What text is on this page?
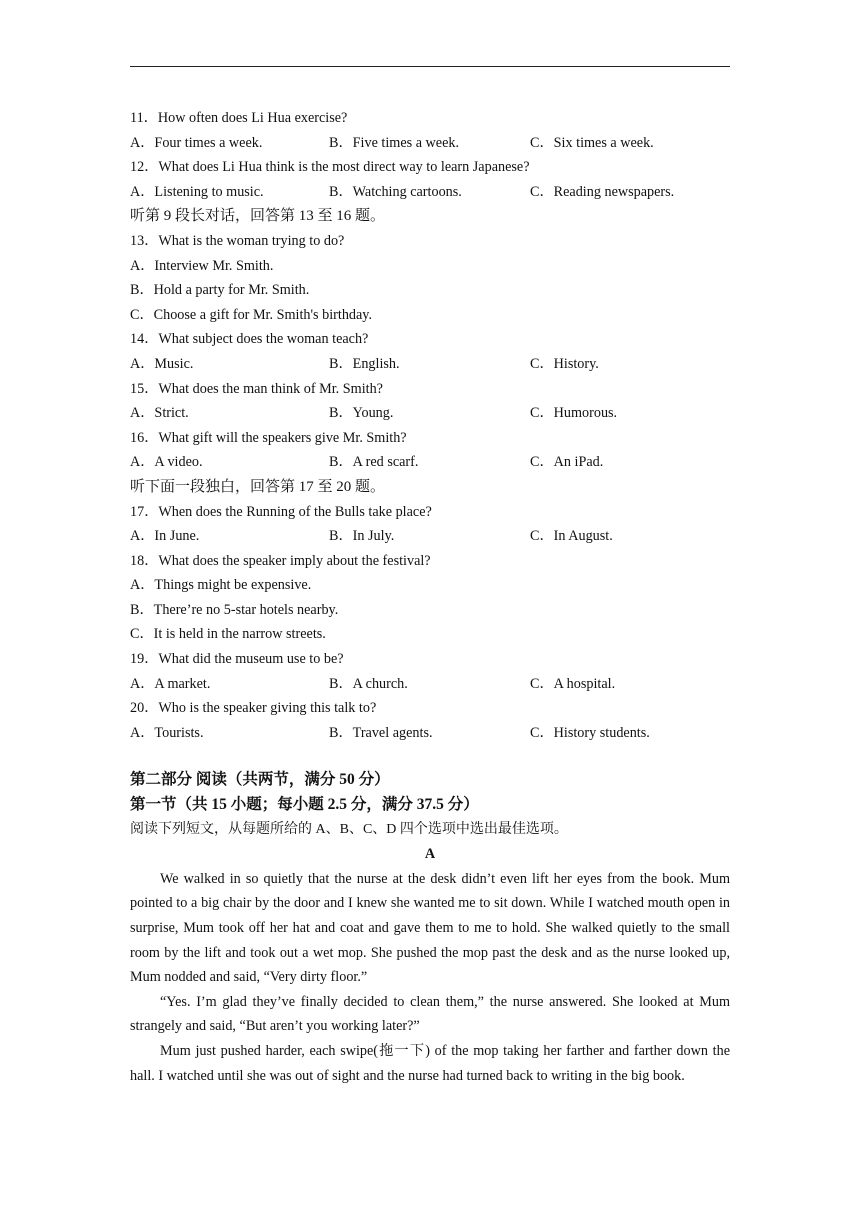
11．How often does Li Hua exercise?
A．Four times a week.	B．Five times a week.	C．Six times a week.
12．What does Li Hua think is the most direct way to learn Japanese?
A．Listening to music.	B．Watching cartoons.	C．Reading newspapers.
听第 9 段长对话，回答第 13 至 16 题。
13．What is the woman trying to do?
A．Interview Mr. Smith.
B．Hold a party for Mr. Smith.
C．Choose a gift for Mr. Smith's birthday.
14．What subject does the woman teach?
A．Music.	B．English.	C．History.
15．What does the man think of Mr. Smith?
A．Strict.	B．Young.	C．Humorous.
16．What gift will the speakers give Mr. Smith?
A．A video.	B．A red scarf.	C．An iPad.
听下面一段独白，回答第 17 至 20 题。
17．When does the Running of the Bulls take place?
A．In June.	B．In July.	C．In August.
18．What does the speaker imply about the festival?
A．Things might be expensive.
B．There’re no 5-star hotels nearby.
C．It is held in the narrow streets.
19．What did the museum use to be?
A．A market.	B．A church.	C．A hospital.
20．Who is the speaker giving this talk to?
A．Tourists.	B．Travel agents.	C．History students.
第二部分 阅读（共两节，满分 50 分）
第一节（共 15 小题；每小题 2.5 分，满分 37.5 分）
阅读下列短文，从每题所给的 A、B、C、D 四个选项中选出最佳选项。
A
We walked in so quietly that the nurse at the desk didn’t even lift her eyes from the book. Mum pointed to a big chair by the door and I knew she wanted me to sit down. While I watched mouth open in surprise, Mum took off her hat and coat and gave them to me to hold. She walked quietly to the small room by the lift and took out a wet mop. She pushed the mop past the desk and as the nurse looked up, Mum nodded and said, “Very dirty floor.”
“Yes. I’m glad they’ve finally decided to clean them,” the nurse answered. She looked at Mum strangely and said, “But aren’t you working later?”
Mum just pushed harder, each swipe(拖一下) of the mop taking her farther and farther down the hall. I watched until she was out of sight and the nurse had turned back to writing in the big book.
